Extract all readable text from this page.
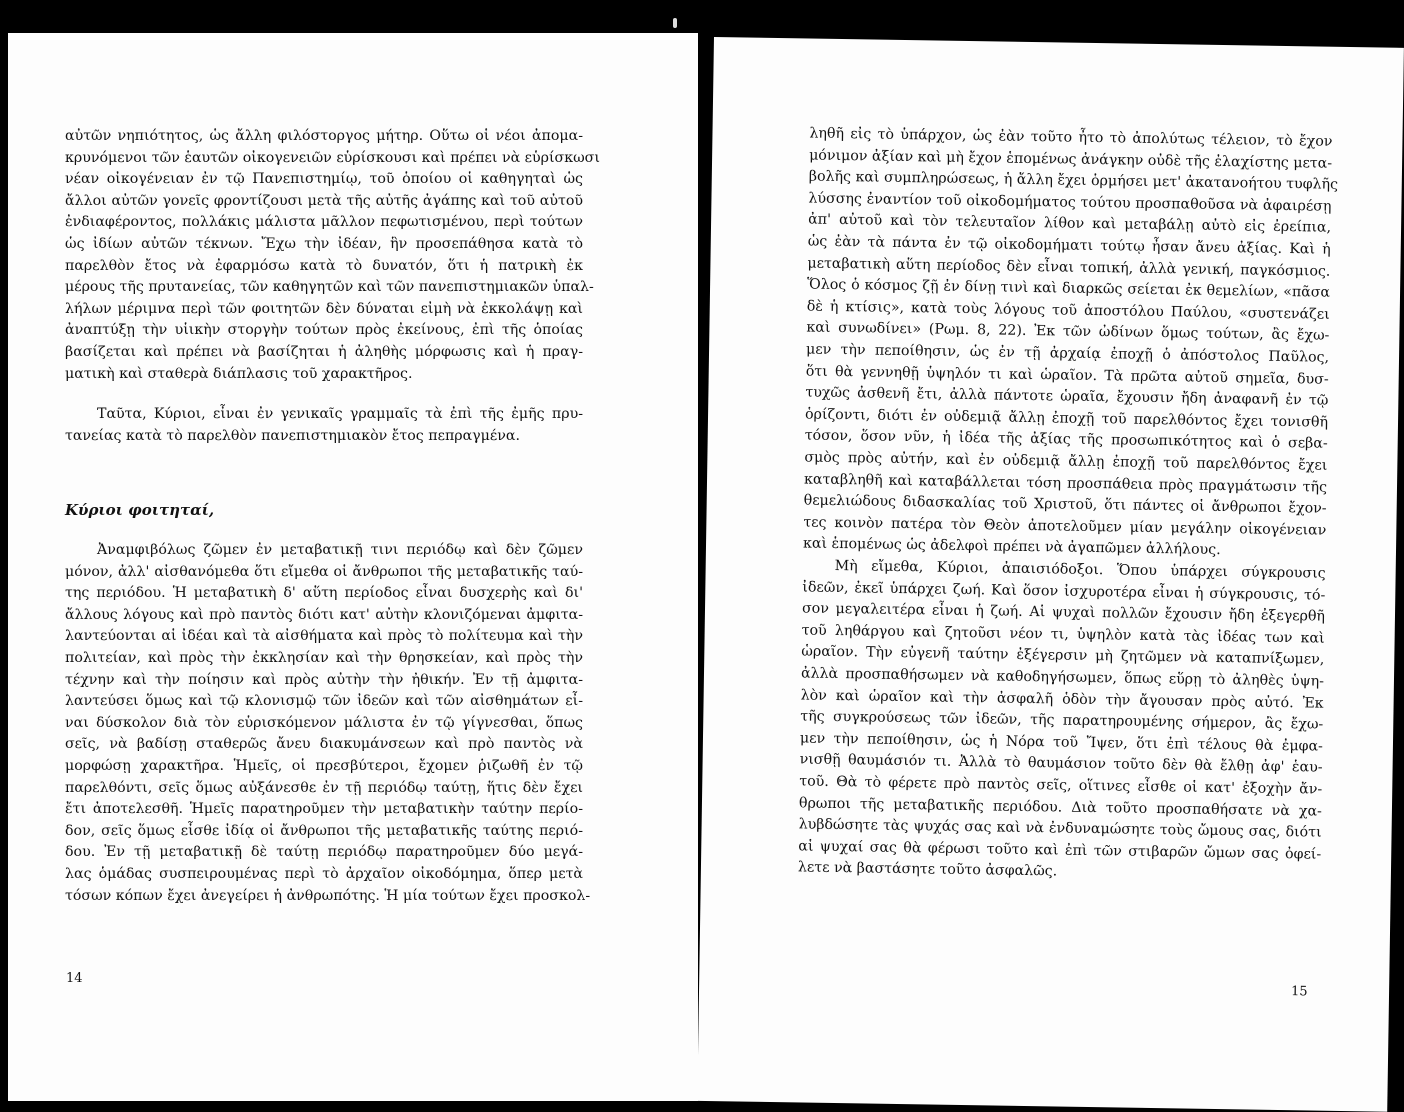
αὐτῶν νηπιότητος, ὡς ἄλλη φιλόστοργος μήτηρ. Οὕτω οἱ νέοι ἀπομα-
κρυνόμενοι τῶν ἑαυτῶν οἰκογενειῶν εὑρίσκουσι καὶ πρέπει νὰ εὑρίσκωσι
νέαν οἰκογένειαν ἐν τῷ Πανεπιστημίῳ, τοῦ ὁποίου οἱ καθηγηταὶ ὡς
ἄλλοι αὐτῶν γονεῖς φροντίζουσι μετὰ τῆς αὐτῆς ἀγάπης καὶ τοῦ αὐτοῦ
ἐνδιαφέροντος, πολλάκις μάλιστα μᾶλλον πεφωτισμένου, περὶ τούτων
ὡς ἰδίων αὐτῶν τέκνων. Ἔχω τὴν ἰδέαν, ἣν προσεπάθησα κατὰ τὸ
παρελθὸν ἔτος νὰ ἐφαρμόσω κατὰ τὸ δυνατόν, ὅτι ἡ πατρικὴ ἐκ
μέρους τῆς πρυτανείας, τῶν καθηγητῶν καὶ τῶν πανεπιστημιακῶν ὑπαλ-
λήλων μέριμνα περὶ τῶν φοιτητῶν δὲν δύναται εἰμὴ νὰ ἐκκολάψῃ καὶ
ἀναπτύξῃ τὴν υἱικὴν στοργὴν τούτων πρὸς ἐκείνους, ἐπὶ τῆς ὁποίας
βασίζεται καὶ πρέπει νὰ βασίζηται ἡ ἀληθὴς μόρφωσις καὶ ἡ πραγ-
ματικὴ καὶ σταθερὰ διάπλασις τοῦ χαρακτῆρος.
Ταῦτα, Κύριοι, εἶναι ἐν γενικαῖς γραμμαῖς τὰ ἐπὶ τῆς ἐμῆς πρυ-
τανείας κατὰ τὸ παρελθὸν πανεπιστημιακὸν ἔτος πεπραγμένα.
Κύριοι φοιτηταί,
Ἀναμφιβόλως ζῶμεν ἐν μεταβατικῇ τινι περιόδῳ καὶ δὲν ζῶμεν
μόνον, ἀλλ' αἰσθανόμεθα ὅτι εἴμεθα οἱ ἄνθρωποι τῆς μεταβατικῆς ταύ-
της περιόδου. Ἡ μεταβατικὴ δ' αὕτη περίοδος εἶναι δυσχερὴς καὶ δι'
ἄλλους λόγους καὶ πρὸ παντὸς διότι κατ' αὐτὴν κλονιζόμεναι ἀμφιτα-
λαντεύονται αἱ ἰδέαι καὶ τὰ αἰσθήματα καὶ πρὸς τὸ πολίτευμα καὶ τὴν
πολιτείαν, καὶ πρὸς τὴν ἐκκλησίαν καὶ τὴν θρησκείαν, καὶ πρὸς τὴν
τέχνην καὶ τὴν ποίησιν καὶ πρὸς αὐτὴν τὴν ἠθικήν. Ἐν τῇ ἀμφιτα-
λαντεύσει ὅμως καὶ τῷ κλονισμῷ τῶν ἰδεῶν καὶ τῶν αἰσθημάτων εἶ-
ναι δύσκολον διὰ τὸν εὑρισκόμενον μάλιστα ἐν τῷ γίγνεσθαι, ὅπως
σεῖς, νὰ βαδίσῃ σταθερῶς ἄνευ διακυμάνσεων καὶ πρὸ παντὸς νὰ
μορφώσῃ χαρακτῆρα. Ἡμεῖς, οἱ πρεσβύτεροι, ἔχομεν ῥιζωθῆ ἐν τῷ
παρελθόντι, σεῖς ὅμως αὐξάνεσθε ἐν τῇ περιόδῳ ταύτῃ, ἥτις δὲν ἔχει
ἔτι ἀποτελεσθῆ. Ἡμεῖς παρατηροῦμεν τὴν μεταβατικὴν ταύτην περίο-
δον, σεῖς ὅμως εἶσθε ἰδίᾳ οἱ ἄνθρωποι τῆς μεταβατικῆς ταύτης περιό-
δου. Ἐν τῇ μεταβατικῇ δὲ ταύτῃ περιόδῳ παρατηροῦμεν δύο μεγά-
λας ὁμάδας συσπειρουμένας περὶ τὸ ἀρχαῖον οἰκοδόμημα, ὅπερ μετὰ
τόσων κόπων ἔχει ἀνεγείρει ἡ ἀνθρωπότης. Ἡ μία τούτων ἔχει προσκολ-
14
ληθῆ εἰς τὸ ὑπάρχον, ὡς ἐὰν τοῦτο ἦτο τὸ ἀπολύτως τέλειον, τὸ ἔχον
μόνιμον ἀξίαν καὶ μὴ ἔχον ἑπομένως ἀνάγκην οὐδὲ τῆς ἐλαχίστης μετα-
βολῆς καὶ συμπληρώσεως, ἡ ἄλλη ἔχει ὁρμήσει μετ' ἀκατανοήτου τυφλῆς
λύσσης ἐναντίον τοῦ οἰκοδομήματος τούτου προσπαθοῦσα νὰ ἀφαιρέσῃ
ἀπ' αὐτοῦ καὶ τὸν τελευταῖον λίθον καὶ μεταβάλῃ αὐτὸ εἰς ἐρείπια,
ὡς ἐὰν τὰ πάντα ἐν τῷ οἰκοδομήματι τούτῳ ἦσαν ἄνευ ἀξίας. Καὶ ἡ
μεταβατικὴ αὕτη περίοδος δὲν εἶναι τοπική, ἀλλὰ γενική, παγκόσμιος.
Ὅλος ὁ κόσμος ζῇ ἐν δίνῃ τινὶ καὶ διαρκῶς σείεται ἐκ θεμελίων, «πᾶσα
δὲ ἡ κτίσις», κατὰ τοὺς λόγους τοῦ ἀποστόλου Παύλου, «συστενάζει
καὶ συνωδίνει» (Ρωμ. 8, 22). Ἐκ τῶν ὠδίνων ὅμως τούτων, ἂς ἔχω-
μεν τὴν πεποίθησιν, ὡς ἐν τῇ ἀρχαίᾳ ἐποχῇ ὁ ἀπόστολος Παῦλος,
ὅτι θὰ γεννηθῇ ὑψηλόν τι καὶ ὡραῖον. Τὰ πρῶτα αὐτοῦ σημεῖα, δυσ-
τυχῶς ἀσθενῆ ἔτι, ἀλλὰ πάντοτε ὡραῖα, ἔχουσιν ἤδη ἀναφανῆ ἐν τῷ
ὁρίζοντι, διότι ἐν οὐδεμιᾷ ἄλλῃ ἐποχῇ τοῦ παρελθόντος ἔχει τονισθῆ
τόσον, ὅσον νῦν, ἡ ἰδέα τῆς ἀξίας τῆς προσωπικότητος καὶ ὁ σεβα-
σμὸς πρὸς αὐτήν, καὶ ἐν οὐδεμιᾷ ἄλλῃ ἐποχῇ τοῦ παρελθόντος ἔχει
καταβληθῆ καὶ καταβάλλεται τόση προσπάθεια πρὸς πραγμάτωσιν τῆς
θεμελιώδους διδασκαλίας τοῦ Χριστοῦ, ὅτι πάντες οἱ ἄνθρωποι ἔχον-
τες κοινὸν πατέρα τὸν Θεὸν ἀποτελοῦμεν μίαν μεγάλην οἰκογένειαν
καὶ ἑπομένως ὡς ἀδελφοὶ πρέπει νὰ ἀγαπῶμεν ἀλλήλους.
Μὴ εἴμεθα, Κύριοι, ἀπαισιόδοξοι. Ὅπου ὑπάρχει σύγκρουσις
ἰδεῶν, ἐκεῖ ὑπάρχει ζωή. Καὶ ὅσον ἰσχυροτέρα εἶναι ἡ σύγκρουσις, τό-
σον μεγαλειτέρα εἶναι ἡ ζωή. Αἱ ψυχαὶ πολλῶν ἔχουσιν ἤδη ἐξεγερθῆ
τοῦ ληθάργου καὶ ζητοῦσι νέον τι, ὑψηλὸν κατὰ τὰς ἰδέας των καὶ
ὡραῖον. Τὴν εὐγενῆ ταύτην ἐξέγερσιν μὴ ζητῶμεν νὰ καταπνίξωμεν,
ἀλλὰ προσπαθήσωμεν νὰ καθοδηγήσωμεν, ὅπως εὕρῃ τὸ ἀληθὲς ὑψη-
λὸν καὶ ὡραῖον καὶ τὴν ἀσφαλῆ ὁδὸν τὴν ἄγουσαν πρὸς αὐτό. Ἐκ
τῆς συγκρούσεως τῶν ἰδεῶν, τῆς παρατηρουμένης σήμερον, ἂς ἔχω-
μεν τὴν πεποίθησιν, ὡς ἡ Νόρα τοῦ Ἴψεν, ὅτι ἐπὶ τέλους θὰ ἐμφα-
νισθῇ θαυμάσιόν τι. Ἀλλὰ τὸ θαυμάσιον τοῦτο δὲν θὰ ἔλθῃ ἀφ' ἑαυ-
τοῦ. Θὰ τὸ φέρετε πρὸ παντὸς σεῖς, οἵτινες εἶσθε οἱ κατ' ἐξοχὴν ἄν-
θρωποι τῆς μεταβατικῆς περιόδου. Διὰ τοῦτο προσπαθήσατε νὰ χα-
λυβδώσητε τὰς ψυχάς σας καὶ νὰ ἐνδυναμώσητε τοὺς ὤμους σας, διότι
αἱ ψυχαί σας θὰ φέρωσι τοῦτο καὶ ἐπὶ τῶν στιβαρῶν ὤμων σας ὀφεί-
λετε νὰ βαστάσητε τοῦτο ἀσφαλῶς.
15
